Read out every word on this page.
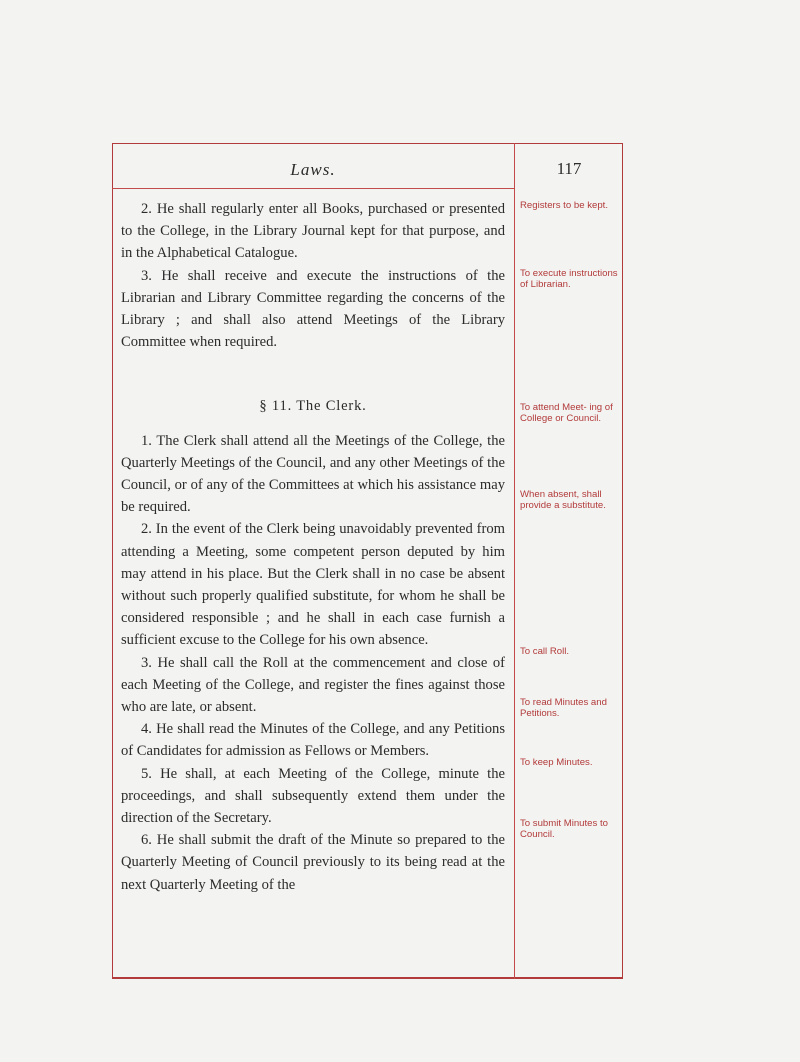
Laws.	117

2. He shall regularly enter all Books, purchased or presented to the College, in the Library Journal kept for that purpose, and in the Alphabetical Catalogue.

3. He shall receive and execute the instructions of the Librarian and Library Committee regarding the concerns of the Library ; and shall also attend Meetings of the Library Committee when required.

§ 11. The Clerk.

1. The Clerk shall attend all the Meetings of the College, the Quarterly Meetings of the Council, and any other Meetings of the Council, or of any of the Committees at which his assistance may be required.

2. In the event of the Clerk being unavoidably prevented from attending a Meeting, some competent person deputed by him may attend in his place. But the Clerk shall in no case be absent without such properly qualified substitute, for whom he shall be considered responsible ; and he shall in each case furnish a sufficient excuse to the College for his own absence.

3. He shall call the Roll at the commencement and close of each Meeting of the College, and register the fines against those who are late, or absent.

4. He shall read the Minutes of the College, and any Petitions of Candidates for admission as Fellows or Members.

5. He shall, at each Meeting of the College, minute the proceedings, and shall subsequently extend them under the direction of the Secretary.

6. He shall submit the draft of the Minute so prepared to the Quarterly Meeting of Council previously to its being read at the next Quarterly Meeting of the

Registers to be kept.
To execute instructions of Librarian.
To attend Meet- ing of College or Council.
When absent, shall provide a substitute.
To call Roll.
To read Minutes and Petitions.
To keep Minutes.
To submit Minutes to Council.
